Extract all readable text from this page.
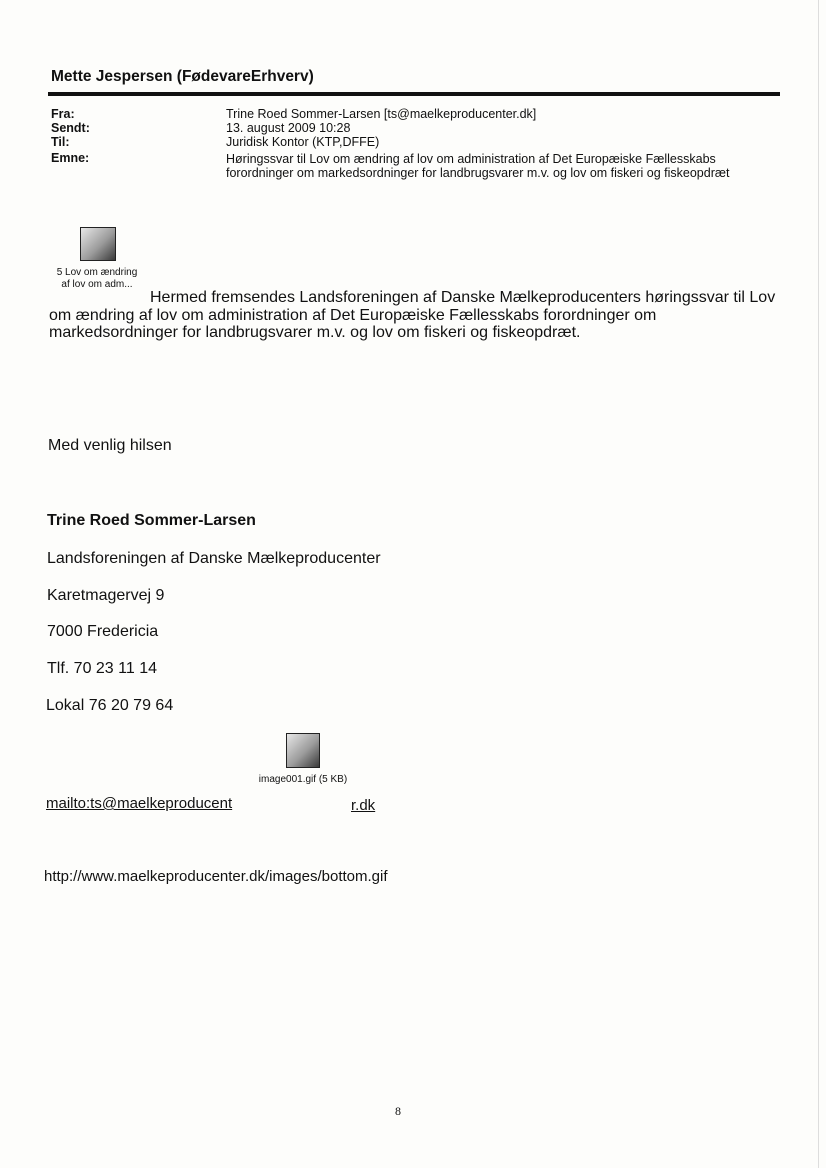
Mette Jespersen (FødevareErhverv)
Fra:	Trine Roed Sommer-Larsen [ts@maelkeproducenter.dk]
Sendt:	13. august 2009 10:28
Til:	Juridisk Kontor (KTP,DFFE)
Emne:	Høringssvar til Lov om ændring af lov om administration af Det Europæiske Fællesskabs forordninger om markedsordninger for landbrugsvarer m.v. og lov om fiskeri og fiskeopdræt
5 Lov om ændring
af lov om adm...
Hermed fremsendes Landsforeningen af Danske Mælkeproducenters høringssvar til Lov om ændring af lov om administration af Det Europæiske Fællesskabs forordninger om markedsordninger for landbrugsvarer m.v. og lov om fiskeri og fiskeopdræt.
Med venlig hilsen
Trine Roed Sommer-Larsen
Landsforeningen af Danske Mælkeproducenter
Karetmagervej 9
7000 Fredericia
Tlf. 70 23 11 14
Lokal 76 20 79 64
image001.gif (5 KB)
mailto:ts@maelkeproducent	r.dk
http://www.maelkeproducenter.dk/images/bottom.gif
8
